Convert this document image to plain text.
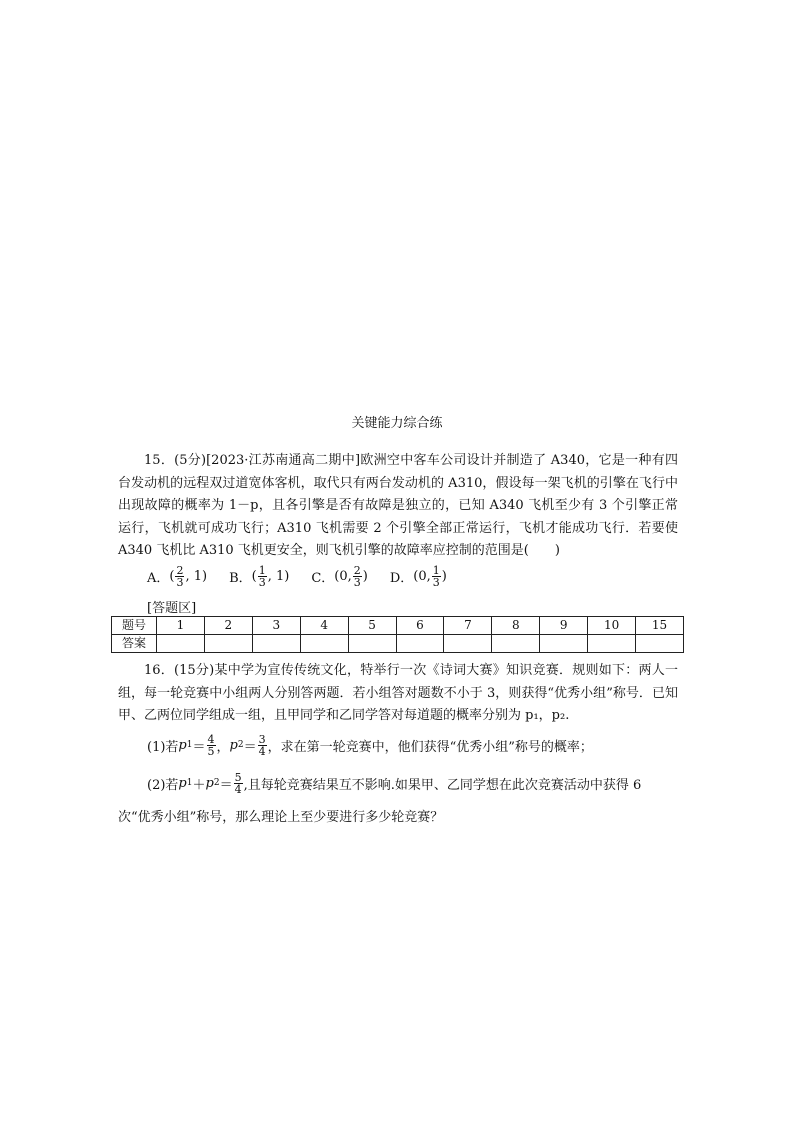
关键能力综合练
15．(5分)[2023·江苏南通高二期中]欧洲空中客车公司设计并制造了 A340，它是一种有四台发动机的远程双过道宽体客机，取代只有两台发动机的 A310，假设每一架飞机的引擎在飞行中出现故障的概率为 1－p，且各引擎是否有故障是独立的，已知 A340 飞机至少有 3 个引擎正常运行，飞机就可成功飞行；A310 飞机需要 2 个引擎全部正常运行，飞机才能成功飞行．若要使 A340 飞机比 A310 飞机更安全，则飞机引擎的故障率应控制的范围是(　　)
A． ( $\frac{2}{3}$ , 1) B． ( $\frac{1}{3}$ , 1) C． (0, $\frac{2}{3}$ ) D． (0, $\frac{1}{3}$ )
[答题区]
题号	1	2	3	4	5	6	7	8	9	10	15
答案											
16．(15分)某中学为宣传传统文化，特举行一次《诗词大赛》知识竞赛．规则如下：两人一组，每一轮竞赛中小组两人分别答两题．若小组答对题数不小于 3，则获得“优秀小组”称号．已知甲、乙两位同学组成一组，且甲同学和乙同学答对每道题的概率分别为 p₁，p₂.
(1)若 p $1 = \frac{4}{5}$ ， p $2 = \frac{3}{4}$ ，求在第一轮竞赛中，他们获得“优秀小组”称号的概率；
(2)若 p 1 ＋ p $2 = \frac{5}{4}$ ,且每轮竞赛结果互不影响.如果甲、乙同学想在此次竞赛活动中获得 6
次“优秀小组”称号，那么理论上至少要进行多少轮竞赛？
